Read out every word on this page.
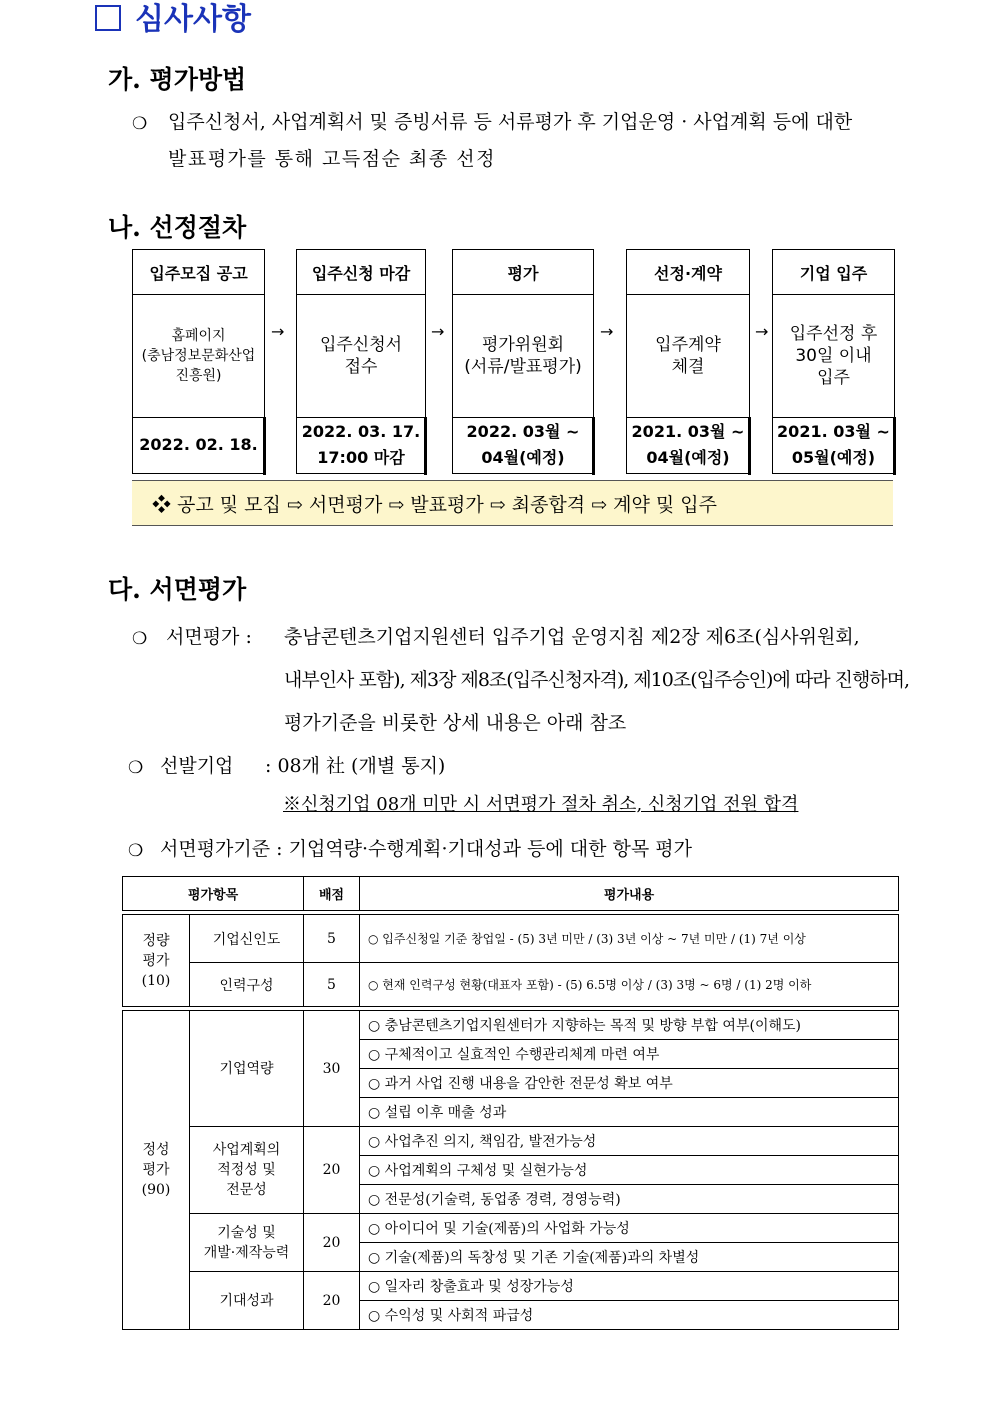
심사사항
가. 평가방법
❍ 입주신청서, 사업계획서 및 증빙서류 등 서류평가 후 기업운영 · 사업계획 등에 대한
발표평가를 통해 고득점순 최종 선정
나. 선정절차
입주모집 공고
홈페이지
(충남정보문화산업
진흥원)
2022. 02. 18.
→
입주신청 마감
입주신청서
접수
2022. 03. 17.
17:00 마감
→
평가
평가위원회
(서류/발표평가)
2022. 03월 ~
04월(예정)
→
선정·계약
입주계약
체결
2021. 03월 ~
04월(예정)
→
기업 입주
입주선정 후
30일 이내
입주
2021. 03월 ~
05월(예정)
❖ 공고 및 모집 ⇨ 서면평가 ⇨ 발표평가 ⇨ 최종합격 ⇨ 계약 및 입주
다. 서면평가
❍ 서면평가 : 충남콘텐츠기업지원센터 입주기업 운영지침 제2장 제6조(심사위원회,
내부인사 포함), 제3장 제8조(입주신청자격), 제10조(입주승인)에 따라 진행하며,
평가기준을 비롯한 상세 내용은 아래 참조
❍ 선발기업 : 08개 社 (개별 통지)
※신청기업 08개 미만 시 서면평가 절차 취소, 신청기업 전원 합격
❍ 서면평가기준 : 기업역량·수행계획·기대성과 등에 대한 항목 평가
평가항목		배점	평가내용

정량
평가
(10)	기업신인도	5	○ 입주신청일 기준 창업일 - (5) 3년 미만 / (3) 3년 이상 ~ 7년 미만 / (1) 7년 이상
	인력구성	5	○ 현재 인력구성 현황(대표자 포함) - (5) 6.5명 이상 / (3) 3명 ~ 6명 / (1) 2명 이하

정성
평가
(90)	기업역량	30	○ 충남콘텐츠기업지원센터가 지향하는 목적 및 방향 부합 여부(이해도)
			○ 구체적이고 실효적인 수행관리체계 마련 여부
			○ 과거 사업 진행 내용을 감안한 전문성 확보 여부
			○ 설립 이후 매출 성과
	사업계획의
적정성 및
전문성	20	○ 사업추진 의지, 책임감, 발전가능성
			○ 사업계획의 구체성 및 실현가능성
			○ 전문성(기술력, 동업종 경력, 경영능력)
	기술성 및
개발·제작능력	20	○ 아이디어 및 기술(제품)의 사업화 가능성
			○ 기술(제품)의 독창성 및 기존 기술(제품)과의 차별성
	기대성과	20	○ 일자리 창출효과 및 성장가능성
			○ 수익성 및 사회적 파급성
